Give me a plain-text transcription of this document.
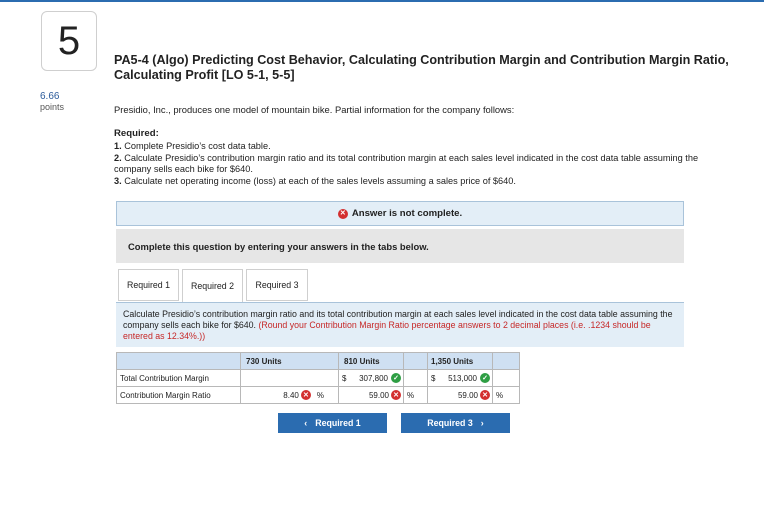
5
6.66
points
PA5-4 (Algo) Predicting Cost Behavior, Calculating Contribution Margin and Contribution Margin Ratio, Calculating Profit [LO 5-1, 5-5]
Presidio, Inc., produces one model of mountain bike. Partial information for the company follows:
Required:
1. Complete Presidio’s cost data table.
2. Calculate Presidio’s contribution margin ratio and its total contribution margin at each sales level indicated in the cost data table assuming the company sells each bike for $640.
3. Calculate net operating income (loss) at each of the sales levels assuming a sales price of $640.
✕ Answer is not complete.
Complete this question by entering your answers in the tabs below.
Required 1	Required 2	Required 3
Calculate Presidio’s contribution margin ratio and its total contribution margin at each sales level indicated in the cost data table assuming the company sells each bike for $640. (Round your Contribution Margin Ratio percentage answers to 2 decimal places (i.e. .1234 should be entered as 12.34%.))

	730 Units	810 Units		1,350 Units	

Total Contribution Margin		$ 307,800 ✓		$ 513,000 ✓	

Contribution Margin Ratio	8.40 ✕ %	59.00 ✕	%	59.00 ✕	%
‹ Required 1	Required 3 ›
